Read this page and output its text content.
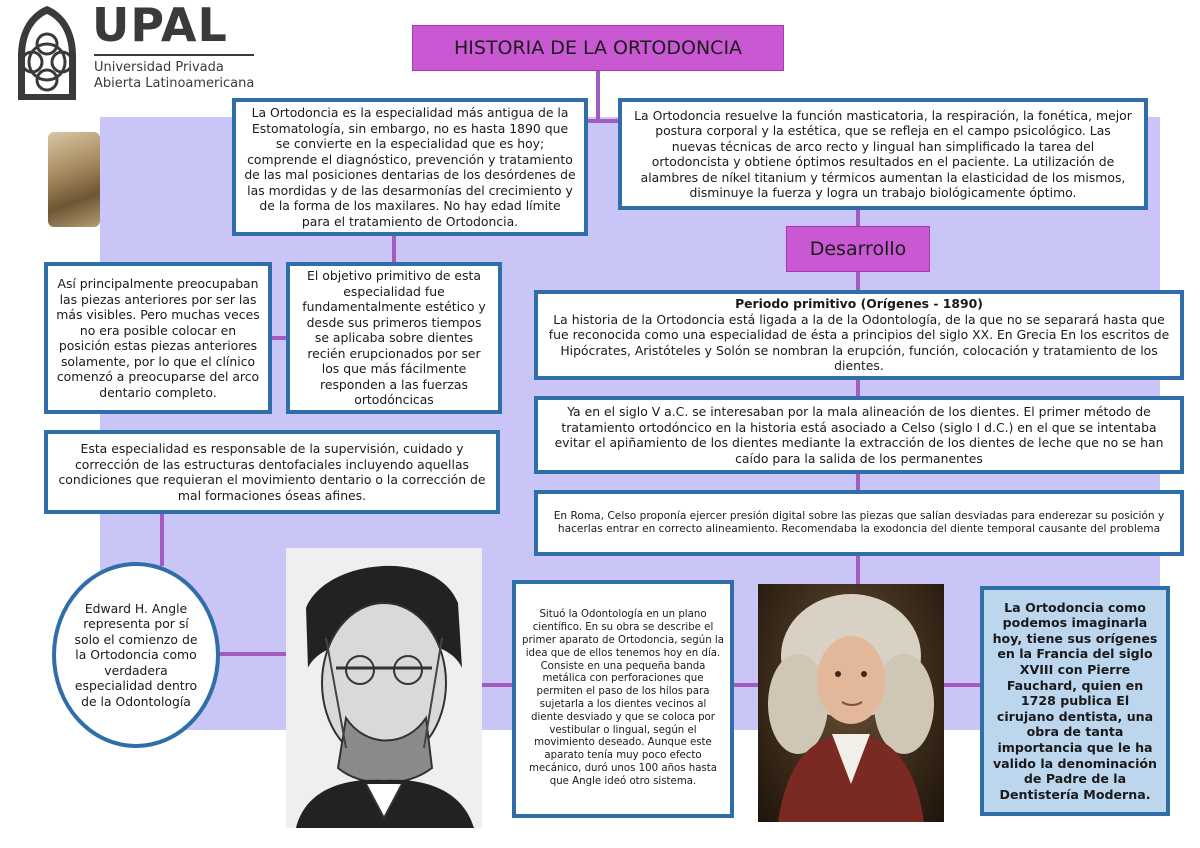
UPAL
Universidad Privada
Abierta Latinoamericana
HISTORIA DE LA ORTODONCIA
La Ortodoncia es la especialidad más antigua de la Estomatología, sin embargo, no es hasta 1890 que se convierte en la especialidad que es hoy; comprende el diagnóstico, prevención y tratamiento de las mal posiciones dentarias de los desórdenes de las mordidas y de las desarmonías del crecimiento y de la forma de los maxilares. No hay edad límite para el tratamiento de Ortodoncia.
La Ortodoncia resuelve la función masticatoria, la respiración, la fonética, mejor postura corporal y la estética, que se refleja en el campo psicológico. Las nuevas técnicas de arco recto y lingual han simplificado la tarea del ortodoncista y obtiene óptimos resultados en el paciente. La utilización de alambres de níkel titanium y térmicos aumentan la elasticidad de los mismos, disminuye la fuerza y logra un trabajo biológicamente óptimo.
Desarrollo
Así principalmente preocupaban las piezas anteriores por ser las más visibles. Pero muchas veces no era posible colocar en posición estas piezas anteriores solamente, por lo que el clínico comenzó a preocuparse del arco dentario completo.
El objetivo primitivo de esta especialidad fue fundamentalmente estético y desde sus primeros tiempos se aplicaba sobre dientes recién erupcionados por ser los que más fácilmente responden a las fuerzas ortodóncicas
Esta especialidad es responsable de la supervisión, cuidado y corrección de las estructuras dentofaciales incluyendo aquellas condiciones que requieran el movimiento dentario o la corrección de mal formaciones óseas afines.
Periodo primitivo (Orígenes - 1890)
La historia de la Ortodoncia está ligada a la de la Odontología, de la que no se separará hasta que fue reconocida como una especialidad de ésta a principios del siglo XX. En Grecia En los escritos de Hipócrates, Aristóteles y Solón se nombran la erupción, función, colocación y tratamiento de los dientes.
Ya en el siglo V a.C. se interesaban por la mala alineación de los dientes. El primer método de tratamiento ortodóncico en la historia está asociado a Celso (siglo I d.C.) en el que se intentaba evitar el apiñamiento de los dientes mediante la extracción de los dientes de leche que no se han caído para la salida de los permanentes
En Roma, Celso proponía ejercer presión digital sobre las piezas que salían desviadas para enderezar su posición y hacerlas entrar en correcto alineamiento. Recomendaba la exodoncia del diente temporal causante del problema
Edward H. Angle representa por sí solo el comienzo de la Ortodoncia como verdadera especialidad dentro de la Odontología
Situó la Odontología en un plano científico. En su obra se describe el primer aparato de Ortodoncia, según la idea que de ellos tenemos hoy en día. Consiste en una pequeña banda metálica con perforaciones que permiten el paso de los hilos para sujetarla a los dientes vecinos al diente desviado y que se coloca por vestibular o lingual, según el movimiento deseado. Aunque este aparato tenía muy poco efecto mecánico, duró unos 100 años hasta que Angle ideó otro sistema.
La Ortodoncia como podemos imaginarla hoy, tiene sus orígenes en la Francia del siglo XVIII con Pierre Fauchard, quien en 1728 publica El cirujano dentista, una obra de tanta importancia que le ha valido la denominación de Padre de la Dentistería Moderna.
